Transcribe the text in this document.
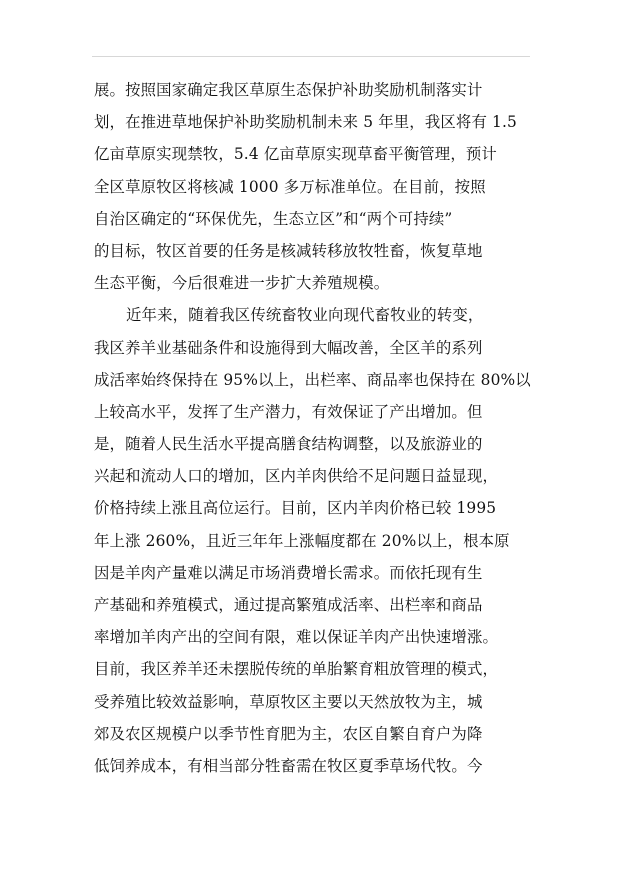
展。按照国家确定我区草原生态保护补助奖励机制落实计
划，在推进草地保护补助奖励机制未来 5 年里，我区将有 1.5
亿亩草原实现禁牧，5.4 亿亩草原实现草畜平衡管理，预计
全区草原牧区将核减 1000 多万标准单位。在目前，按照
自治区确定的“环保优先，生态立区”和“两个可持续”
的目标，牧区首要的任务是核减转移放牧牲畜，恢复草地
生态平衡，今后很难进一步扩大养殖规模。
近年来，随着我区传统畜牧业向现代畜牧业的转变，
我区养羊业基础条件和设施得到大幅改善，全区羊的系列
成活率始终保持在 95%以上，出栏率、商品率也保持在 80%以
上较高水平，发挥了生产潜力，有效保证了产出增加。但
是，随着人民生活水平提高膳食结构调整，以及旅游业的
兴起和流动人口的增加，区内羊肉供给不足问题日益显现，
价格持续上涨且高位运行。目前，区内羊肉价格已较 1995
年上涨 260%，且近三年年上涨幅度都在 20%以上，根本原
因是羊肉产量难以满足市场消费增长需求。而依托现有生
产基础和养殖模式，通过提高繁殖成活率、出栏率和商品
率增加羊肉产出的空间有限，难以保证羊肉产出快速增涨。
目前，我区养羊还未摆脱传统的单胎繁育粗放管理的模式，
受养殖比较效益影响，草原牧区主要以天然放牧为主，城
郊及农区规模户以季节性育肥为主，农区自繁自育户为降
低饲养成本，有相当部分牲畜需在牧区夏季草场代牧。今
